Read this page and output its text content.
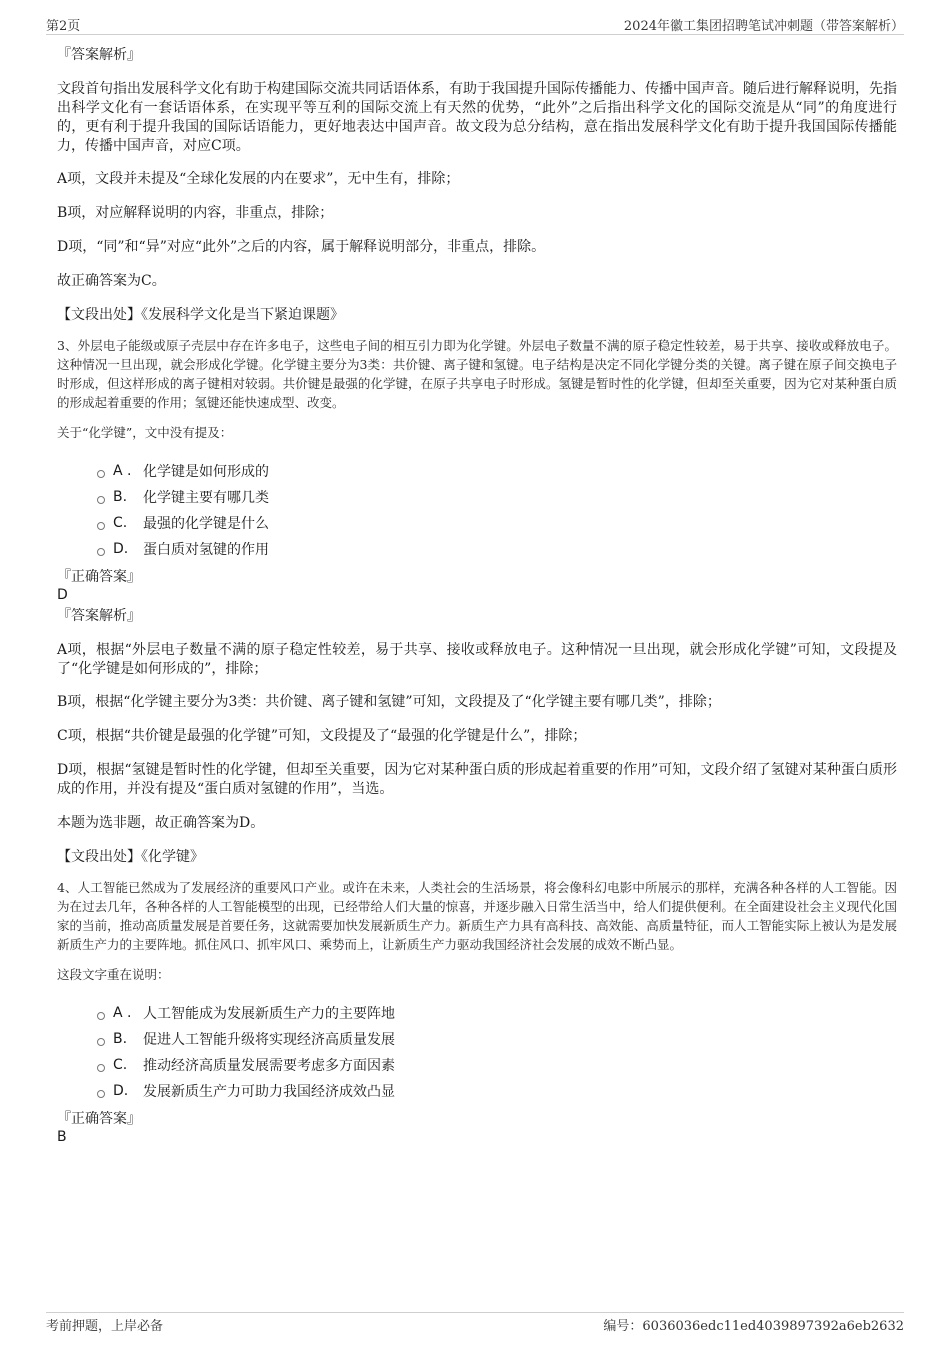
第2页	2024年徽工集团招聘笔试冲刺题（带答案解析）

『答案解析』

文段首句指出发展科学文化有助于构建国际交流共同话语体系，有助于我国提升国际传播能力、传播中国声音。随后进行解释说明，先指出科学文化有一套话语体系，在实现平等互利的国际交流上有天然的优势，“此外”之后指出科学文化的国际交流是从“同”的角度进行的，更有利于提升我国的国际话语能力，更好地表达中国声音。故文段为总分结构，意在指出发展科学文化有助于提升我国国际传播能力，传播中国声音，对应C项。

A项，文段并未提及“全球化发展的内在要求”，无中生有，排除；

B项，对应解释说明的内容，非重点，排除；

D项，“同”和“异”对应“此外”之后的内容，属于解释说明部分，非重点，排除。

故正确答案为C。

【文段出处】《发展科学文化是当下紧迫课题》

3、外层电子能级或原子壳层中存在许多电子，这些电子间的相互引力即为化学键。外层电子数量不满的原子稳定性较差，易于共享、接收或释放电子。这种情况一旦出现，就会形成化学键。化学键主要分为3类：共价键、离子键和氢键。电子结构是决定不同化学键分类的关键。离子键在原子间交换电子时形成，但这样形成的离子键相对较弱。共价键是最强的化学键，在原子共享电子时形成。氢键是暂时性的化学键，但却至关重要，因为它对某种蛋白质的形成起着重要的作用；氢键还能快速成型、改变。

关于“化学键”，文中没有提及：

A . 化学键是如何形成的
B.	化学键主要有哪几类
C.	最强的化学键是什么
D.	蛋白质对氢键的作用

『正确答案』

D

『答案解析』

A项，根据“外层电子数量不满的原子稳定性较差，易于共享、接收或释放电子。这种情况一旦出现，就会形成化学键”可知，文段提及了“化学键是如何形成的”，排除；

B项，根据“化学键主要分为3类：共价键、离子键和氢键”可知，文段提及了“化学键主要有哪几类”，排除；

C项，根据“共价键是最强的化学键”可知，文段提及了“最强的化学键是什么”，排除；

D项，根据“氢键是暂时性的化学键，但却至关重要，因为它对某种蛋白质的形成起着重要的作用”可知，文段介绍了氢键对某种蛋白质形成的作用，并没有提及“蛋白质对氢键的作用”，当选。

本题为选非题，故正确答案为D。

【文段出处】《化学键》

4、人工智能已然成为了发展经济的重要风口产业。或许在未来，人类社会的生活场景，将会像科幻电影中所展示的那样，充满各种各样的人工智能。因为在过去几年，各种各样的人工智能模型的出现，已经带给人们大量的惊喜，并逐步融入日常生活当中，给人们提供便利。在全面建设社会主义现代化国家的当前，推动高质量发展是首要任务，这就需要加快发展新质生产力。新质生产力具有高科技、高效能、高质量特征，而人工智能实际上被认为是发展新质生产力的主要阵地。抓住风口、抓牢风口、乘势而上，让新质生产力驱动我国经济社会发展的成效不断凸显。

这段文字重在说明：

A . 人工智能成为发展新质生产力的主要阵地
B.	促进人工智能升级将实现经济高质量发展
C.	推动经济高质量发展需要考虑多方面因素
D.	发展新质生产力可助力我国经济成效凸显

『正确答案』

B

考前押题，上岸必备	编号：6036036edc11ed4039897392a6eb2632
